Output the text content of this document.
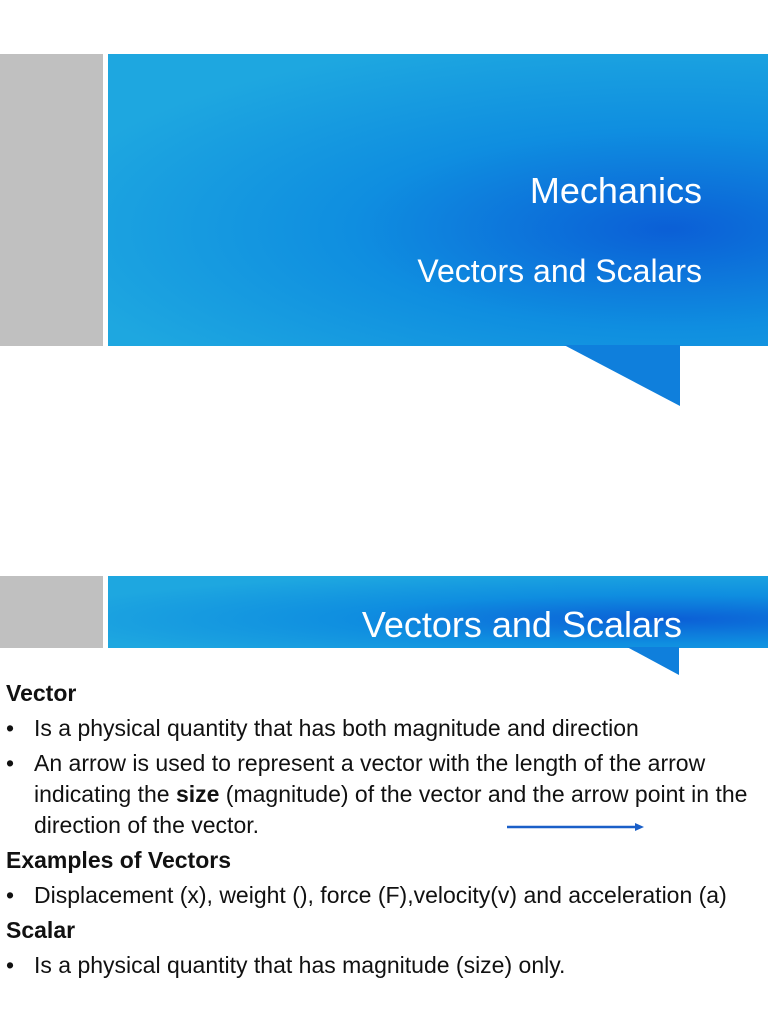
Mechanics
Vectors and Scalars
Vectors and Scalars
Vector
• Is a physical quantity that has both magnitude and direction
• An arrow is used to represent a vector with the length of the arrow indicating the size (magnitude) of the vector and the arrow point in the direction of the vector.
Examples of Vectors
• Displacement (x), weight (), force (F),velocity(v) and acceleration (a)
Scalar
• Is a physical quantity that has magnitude (size) only.
